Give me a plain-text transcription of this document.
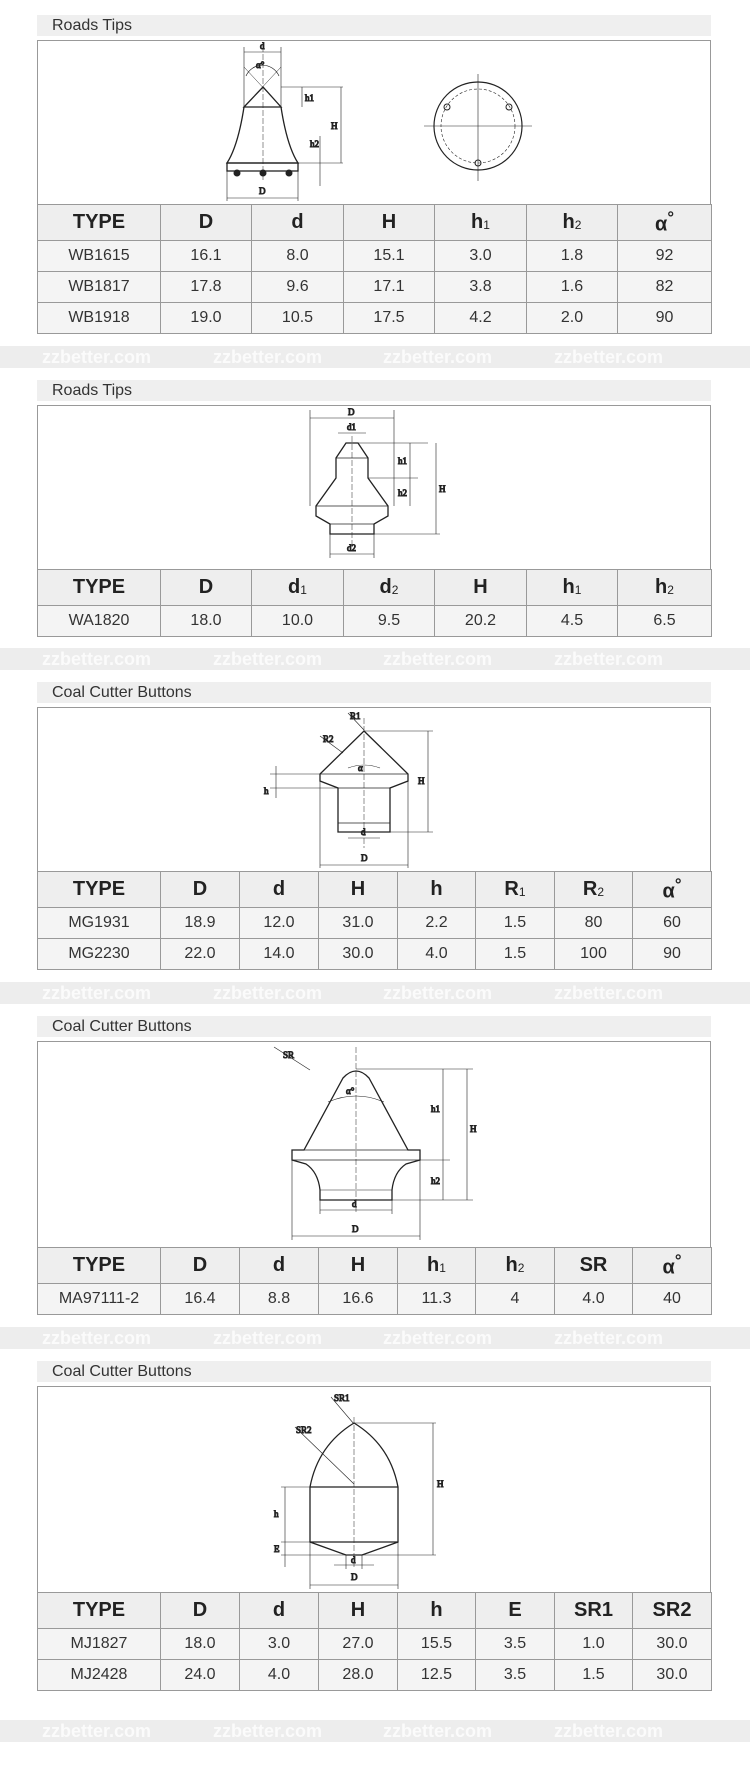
Roads Tips
d
α°
h1
H
h2
D
TYPE	D	d	H	$h_1$	$h_2$	α°
WB1615	16.1	8.0	15.1	3.0	1.8	92
WB1817	17.8	9.6	17.1	3.8	1.6	82
WB1918	19.0	10.5	17.5	4.2	2.0	90
Roads Tips
D
d1
h1
h2	H
d2
TYPE	D	$d_1$	$d_2$	H	$h_1$	$h_2$
WA1820	18.0	10.0	9.5	20.2	4.5	6.5
Coal Cutter Buttons
R1
R2
α
H
h
d
D
TYPE	D	d	H	h	$R_1$	$R_2$	α°
MG1931	18.9	12.0	31.0	2.2	1.5	80	60
MG2230	22.0	14.0	30.0	4.0	1.5	100	90
Coal Cutter Buttons
SR
α°
h1
H
h2
d
D
TYPE	D	d	H	$h_1$	$h_2$	SR	α°
MA97111-2	16.4	8.8	16.6	11.3	4	4.0	40
Coal Cutter Buttons
SR1
SR2
H
h
E
d
D
TYPE	D	d	H	h	E	SR1	SR2
MJ1827	18.0	3.0	27.0	15.5	3.5	1.0	30.0
MJ2428	24.0	4.0	28.0	12.5	3.5	1.5	30.0
zzbetter.com	zzbetter.com	zzbetter.com	zzbetter.com
zzbetter.com	zzbetter.com	zzbetter.com	zzbetter.com
zzbetter.com	zzbetter.com	zzbetter.com	zzbetter.com
zzbetter.com	zzbetter.com	zzbetter.com	zzbetter.com
zzbetter.com	zzbetter.com	zzbetter.com	zzbetter.com
